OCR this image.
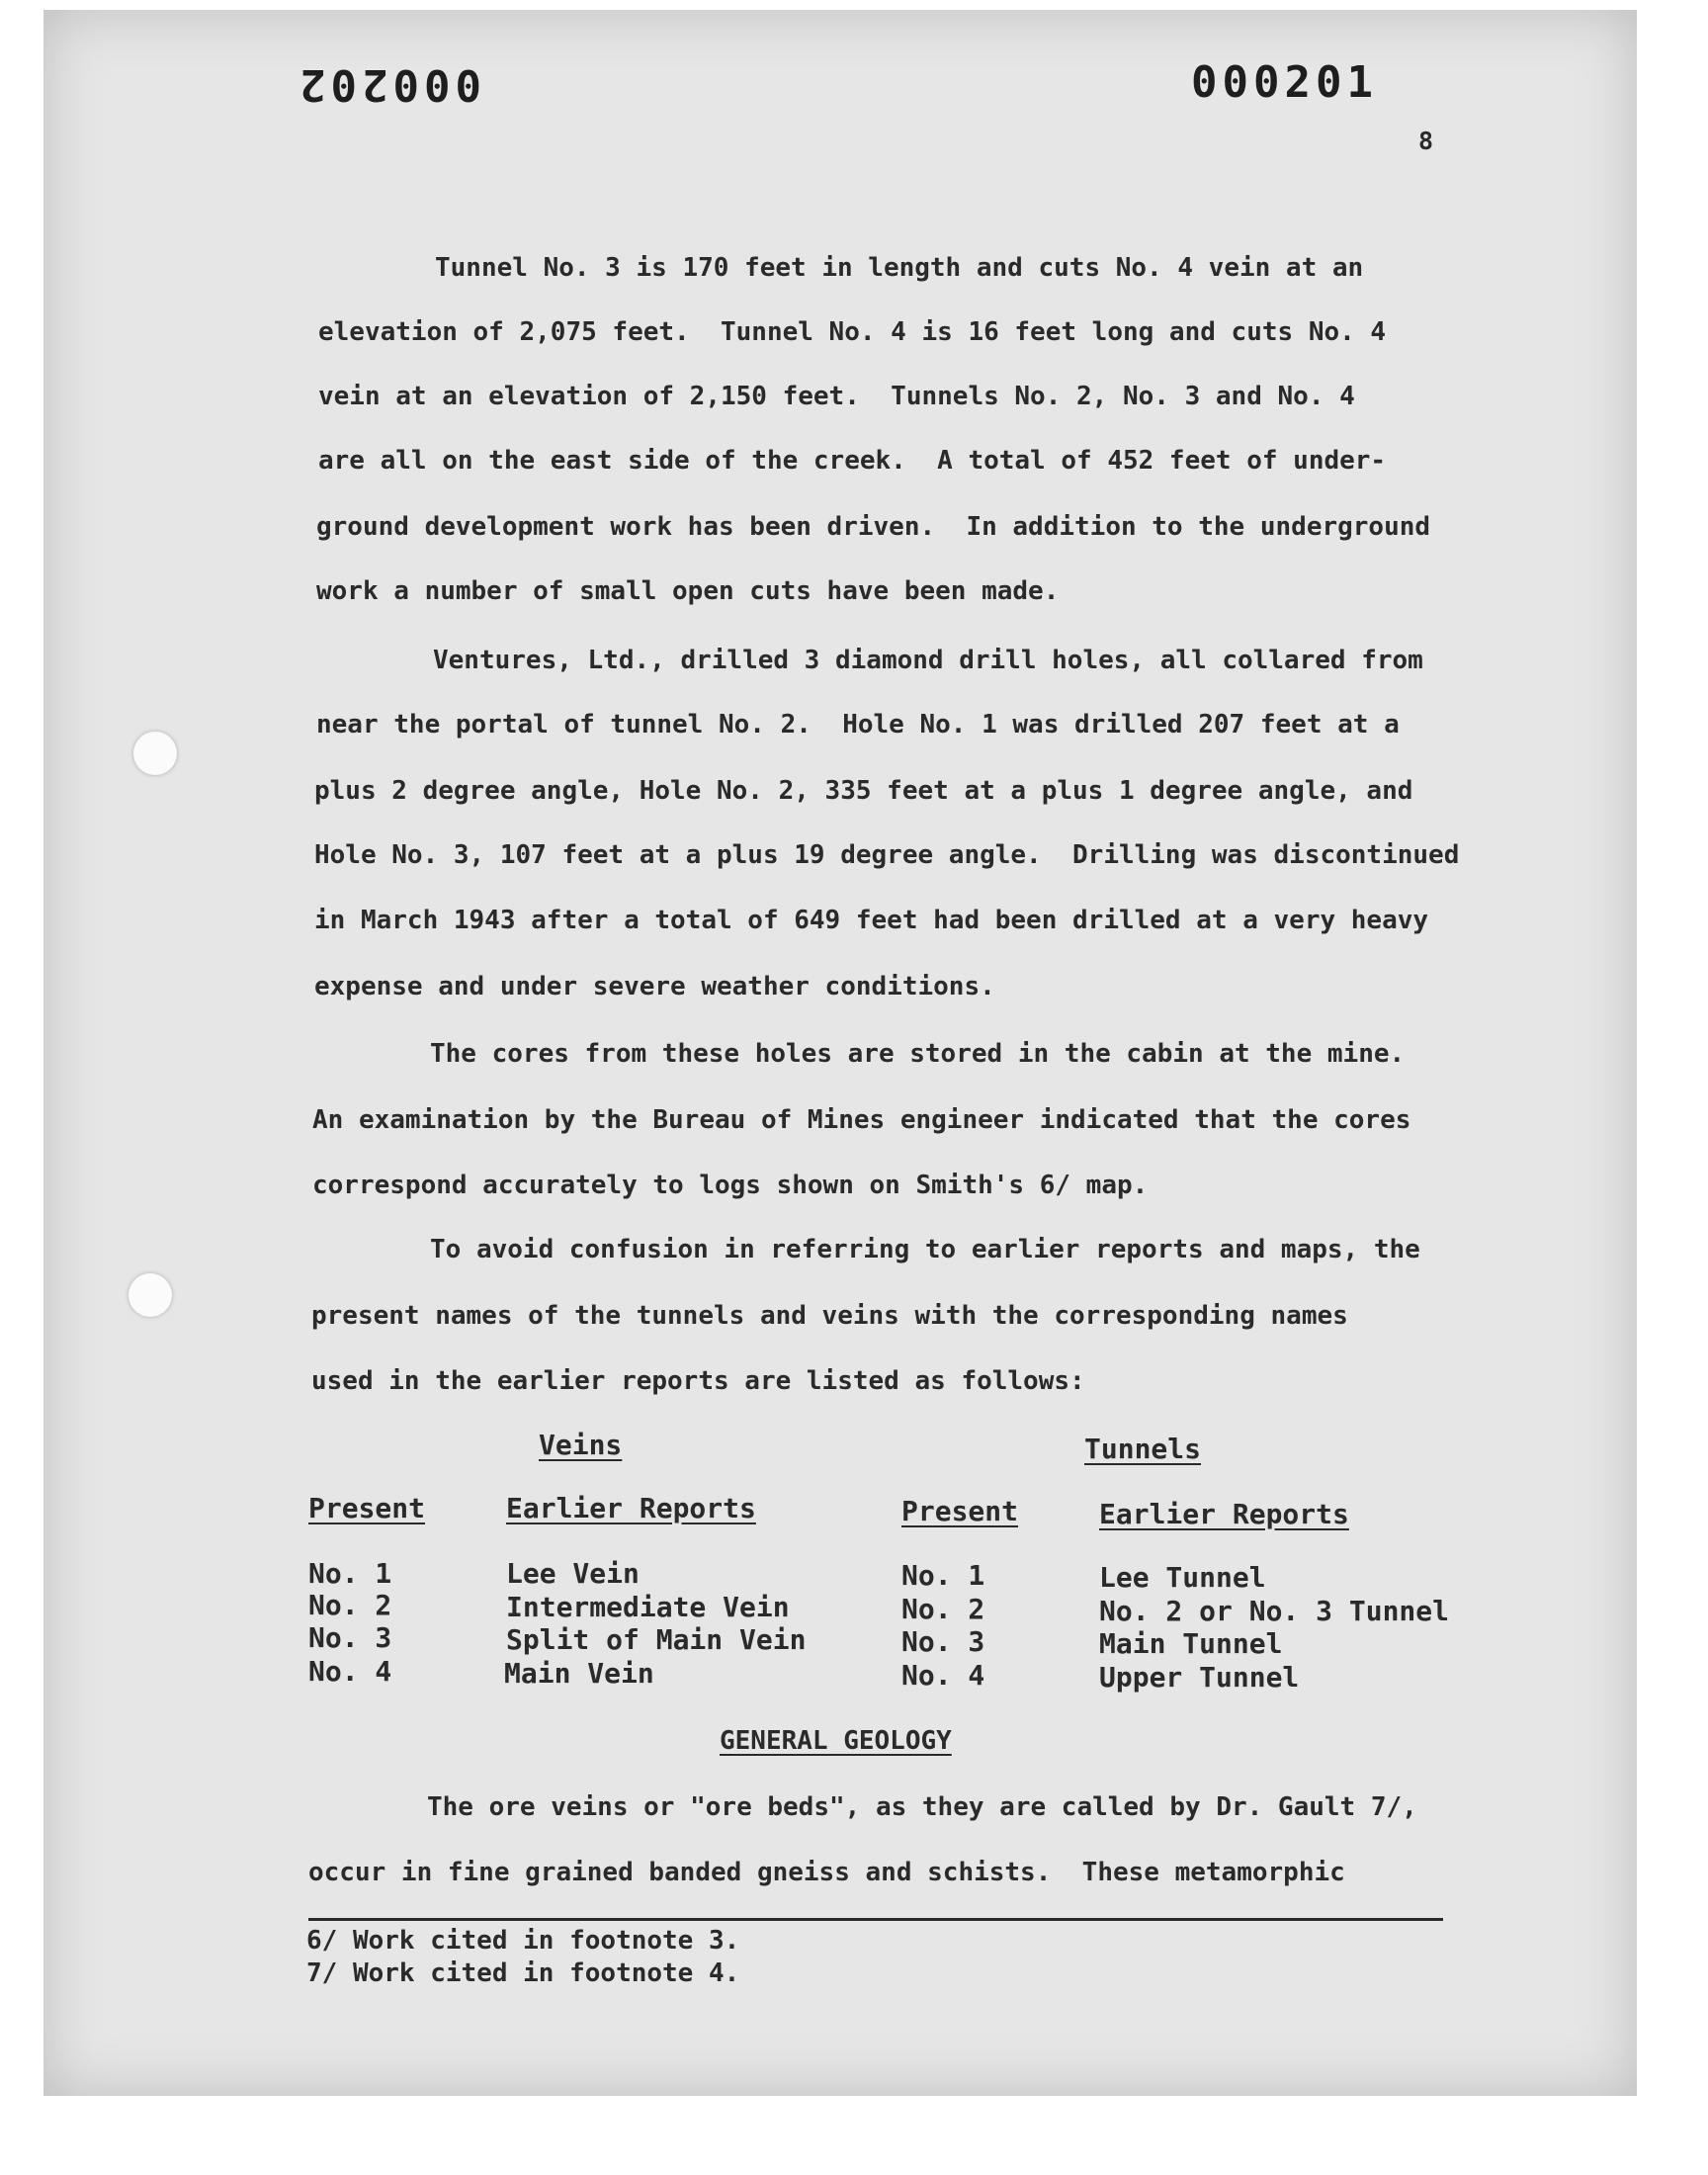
000202	000201
8
Tunnel No. 3 is 170 feet in length and cuts No. 4 vein at an
elevation of 2,075 feet.  Tunnel No. 4 is 16 feet long and cuts No. 4
vein at an elevation of 2,150 feet.  Tunnels No. 2, No. 3 and No. 4
are all on the east side of the creek.  A total of 452 feet of under-
ground development work has been driven.  In addition to the underground
work a number of small open cuts have been made.
Ventures, Ltd., drilled 3 diamond drill holes, all collared from
near the portal of tunnel No. 2.  Hole No. 1 was drilled 207 feet at a
plus 2 degree angle, Hole No. 2, 335 feet at a plus 1 degree angle, and
Hole No. 3, 107 feet at a plus 19 degree angle.  Drilling was discontinued
in March 1943 after a total of 649 feet had been drilled at a very heavy
expense and under severe weather conditions.
The cores from these holes are stored in the cabin at the mine.
An examination by the Bureau of Mines engineer indicated that the cores
correspond accurately to logs shown on Smith's 6/ map.
To avoid confusion in referring to earlier reports and maps, the
present names of the tunnels and veins with the corresponding names
used in the earlier reports are listed as follows:
Veins	Tunnels
Present	Earlier Reports	Present	Earlier Reports
No. 1	Lee Vein	No. 1	Lee Tunnel
No. 2	Intermediate Vein	No. 2	No. 2 or No. 3 Tunnel
No. 3	Split of Main Vein	No. 3	Main Tunnel
No. 4	Main Vein	No. 4	Upper Tunnel
GENERAL GEOLOGY
The ore veins or "ore beds", as they are called by Dr. Gault 7/,
occur in fine grained banded gneiss and schists.  These metamorphic
6/ Work cited in footnote 3.
7/ Work cited in footnote 4.
